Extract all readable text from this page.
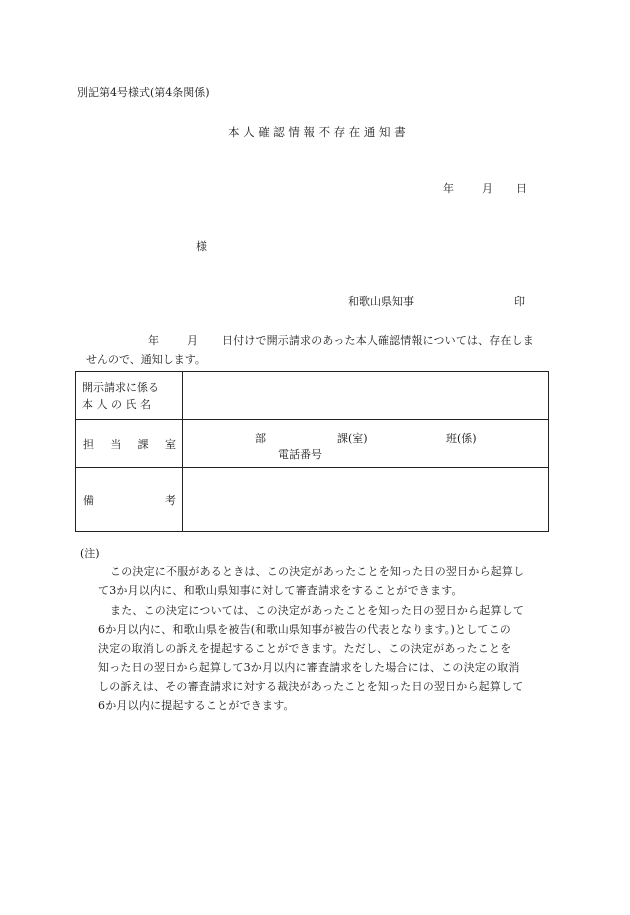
別記第4号様式(第4条関係)
本人確認情報不存在通知書
年	月 日
様
和歌山県知事	印
年	月 日付けで開示請求のあった本人確認情報については、存在しま
せんので、通知します。
開示請求に係る
本 人 の 氏 名	

担 当 課 室	部 課(室) 班(係)
電話番号

備 考	

(注)
この決定に不服があるときは、この決定があったことを知った日の翌日から起算し
て3か月以内に、和歌山県知事に対して審査請求をすることができます。
また、この決定については、この決定があったことを知った日の翌日から起算して
6か月以内に、和歌山県を被告(和歌山県知事が被告の代表となります。)としてこの
決定の取消しの訴えを提起することができます。ただし、この決定があったことを
知った日の翌日から起算して3か月以内に審査請求をした場合には、この決定の取消
しの訴えは、その審査請求に対する裁決があったことを知った日の翌日から起算して
6か月以内に提起することができます。
